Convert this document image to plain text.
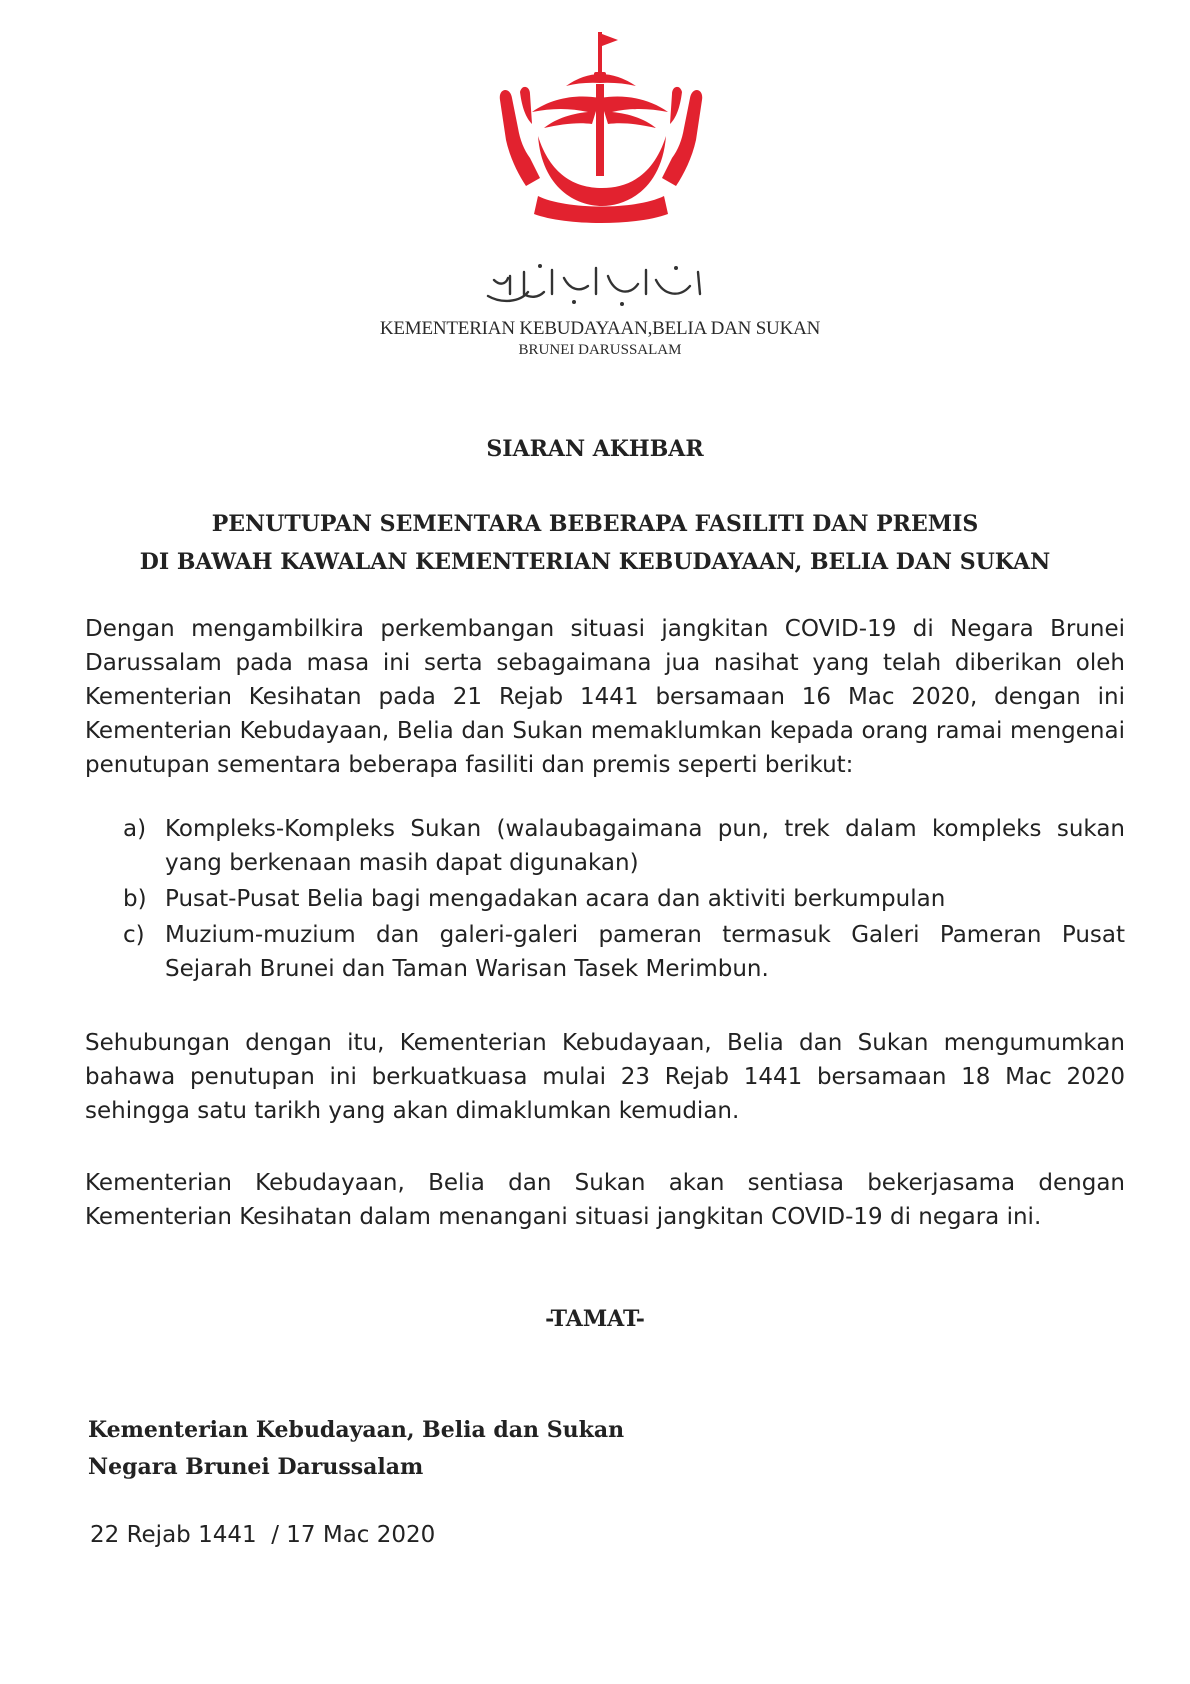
KEMENTERIAN KEBUDAYAAN,BELIA DAN SUKAN

BRUNEI DARUSSALAM

SIARAN AKHBAR

PENUTUPAN SEMENTARA BEBERAPA FASILITI DAN PREMIS
DI BAWAH KAWALAN KEMENTERIAN KEBUDAYAAN, BELIA DAN SUKAN

Dengan mengambilkira perkembangan situasi jangkitan COVID-19 di Negara Brunei Darussalam pada masa ini serta sebagaimana jua nasihat yang telah diberikan oleh Kementerian Kesihatan pada 21 Rejab 1441 bersamaan 16 Mac 2020, dengan ini Kementerian Kebudayaan, Belia dan Sukan memaklumkan kepada orang ramai mengenai penutupan sementara beberapa fasiliti dan premis seperti berikut:

a) Kompleks-Kompleks Sukan (walaubagaimana pun, trek dalam kompleks sukan yang berkenaan masih dapat digunakan)
b) Pusat-Pusat Belia bagi mengadakan acara dan aktiviti berkumpulan
c) Muzium-muzium dan galeri-galeri pameran termasuk Galeri Pameran Pusat Sejarah Brunei dan Taman Warisan Tasek Merimbun.

Sehubungan dengan itu, Kementerian Kebudayaan, Belia dan Sukan mengumumkan bahawa penutupan ini berkuatkuasa mulai 23 Rejab 1441 bersamaan 18 Mac 2020 sehingga satu tarikh yang akan dimaklumkan kemudian.

Kementerian Kebudayaan, Belia dan Sukan akan sentiasa bekerjasama dengan Kementerian Kesihatan dalam menangani situasi jangkitan COVID-19 di negara ini.

-TAMAT-

Kementerian Kebudayaan, Belia dan Sukan
Negara Brunei Darussalam

22 Rejab 1441  / 17 Mac 2020
